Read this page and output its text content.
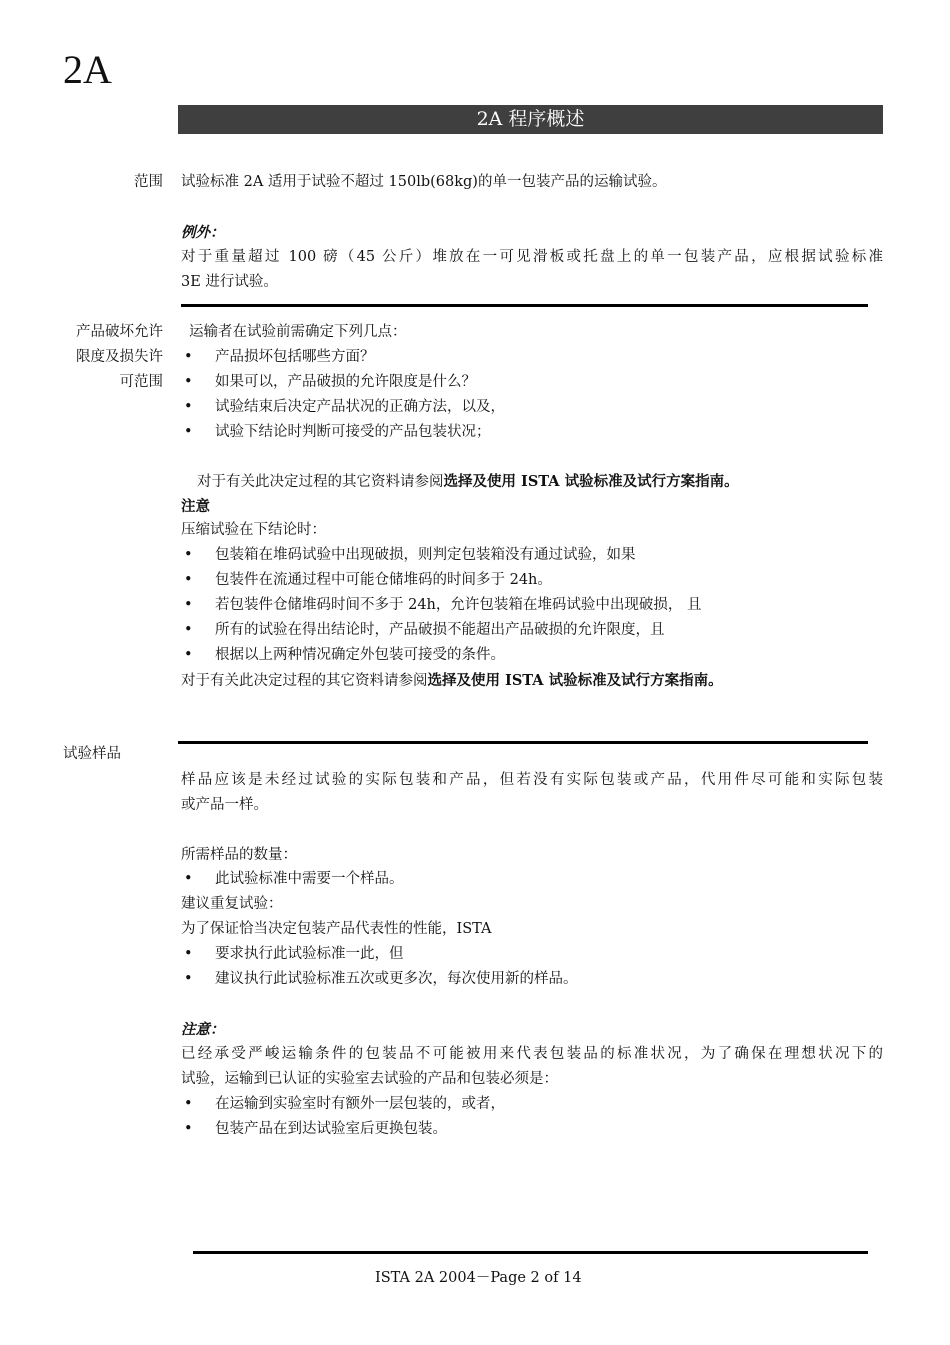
2A
2A 程序概述
范围 试验标准 2A 适用于试验不超过 150lb(68kg)的单一包装产品的运输试验。
例外：
对于重量超过 100 磅（45 公斤）堆放在一可见滑板或托盘上的单一包装产品，应根据试验标准
3E 进行试验。
产品破坏允许
限度及损失许
可范围
运输者在试验前需确定下列几点：
• 产品损坏包括哪些方面？
• 如果可以，产品破损的允许限度是什么？
• 试验结束后决定产品状况的正确方法，以及，
• 试验下结论时判断可接受的产品包装状况；
对于有关此决定过程的其它资料请参阅选择及使用 ISTA 试验标准及试行方案指南。
注意
压缩试验在下结论时：
• 包装箱在堆码试验中出现破损，则判定包装箱没有通过试验，如果
• 包装件在流通过程中可能仓储堆码的时间多于 24h。
• 若包装件仓储堆码时间不多于 24h，允许包装箱在堆码试验中出现破损， 且
• 所有的试验在得出结论时，产品破损不能超出产品破损的允许限度，且
• 根据以上两种情况确定外包装可接受的条件。
对于有关此决定过程的其它资料请参阅选择及使用 ISTA 试验标准及试行方案指南。
试验样品
样品应该是未经过试验的实际包装和产品，但若没有实际包装或产品，代用件尽可能和实际包装
或产品一样。
所需样品的数量：
• 此试验标准中需要一个样品。
建议重复试验：
为了保证恰当决定包装产品代表性的性能，ISTA
• 要求执行此试验标准一此，但
• 建议执行此试验标准五次或更多次，每次使用新的样品。
注意：
已经承受严峻运输条件的包装品不可能被用来代表包装品的标准状况，为了确保在理想状况下的
试验，运输到已认证的实验室去试验的产品和包装必须是：
• 在运输到实验室时有额外一层包装的，或者，
• 包装产品在到达试验室后更换包装。
ISTA 2A 2004－Page 2 of 14
